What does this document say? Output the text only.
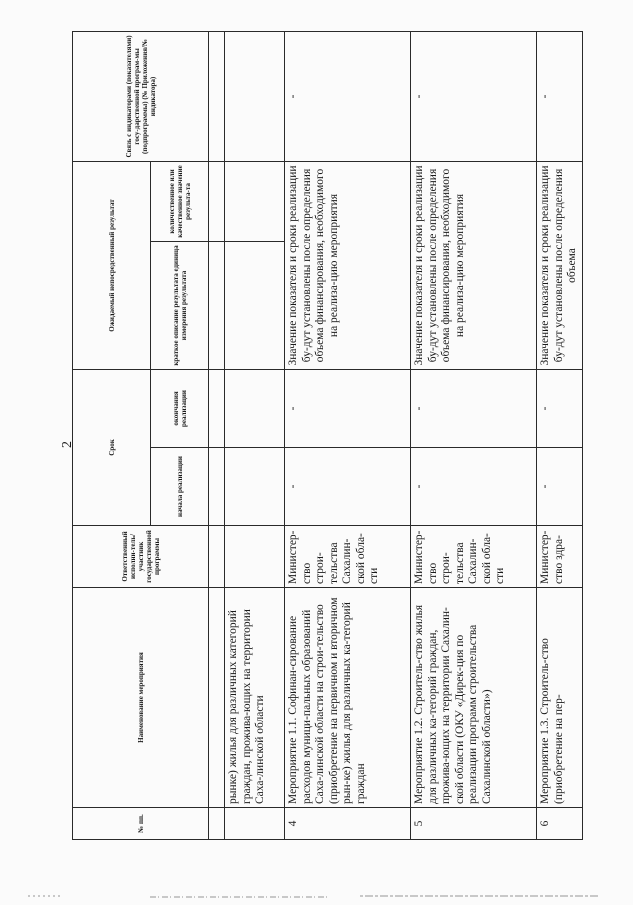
2
№ пп.	Наименование мероприятия	Ответственный исполни-тель/участник государственной программы	Срок		Ожидаемый непосредственный результат		Связь с индикаторами (показателями) госу-дарственной програм-мы (подпрограммы) (№ Приложения/№ индикатора)
			начала реализации	окончания реализации	краткое описание результата единица измерения результата	количественное или качественное значение результа-та	

	рынке) жилья для различных категорий граждан, прожива-ющих на территории Саха-линской области						
4	Мероприятие 1.1. Софинан-сирование расходов муници-пальных образований Саха-линской области на строи-тельство (приобретение на первичном и вторичном рын-ке) жилья для различных ка-тегорий граждан	Министер-ство строи-тельства Сахалин-ской обла-сти	-	-	Значение показателя и сроки реализации бу-дут установлены после определения объема финансирования, необходимого на реализа-цию мероприятия		-
5	Мероприятие 1.2. Строитель-ство жилья для различных ка-тегорий граждан, прожива-ющих на территории Сахалин-ской области (ОКУ «Дирек-ция по реализации программ строительства Сахалинской области»)	Министер-ство строи-тельства Сахалин-ской обла-сти	-	-	Значение показателя и сроки реализации бу-дут установлены после определения объема финансирования, необходимого на реализа-цию мероприятия		-
6	Мероприятие 1.3. Строитель-ство (приобретение на пер-	Министер-ство здра-	-	-	Значение показателя и сроки реализации бу-дут установлены после определения объема		-
